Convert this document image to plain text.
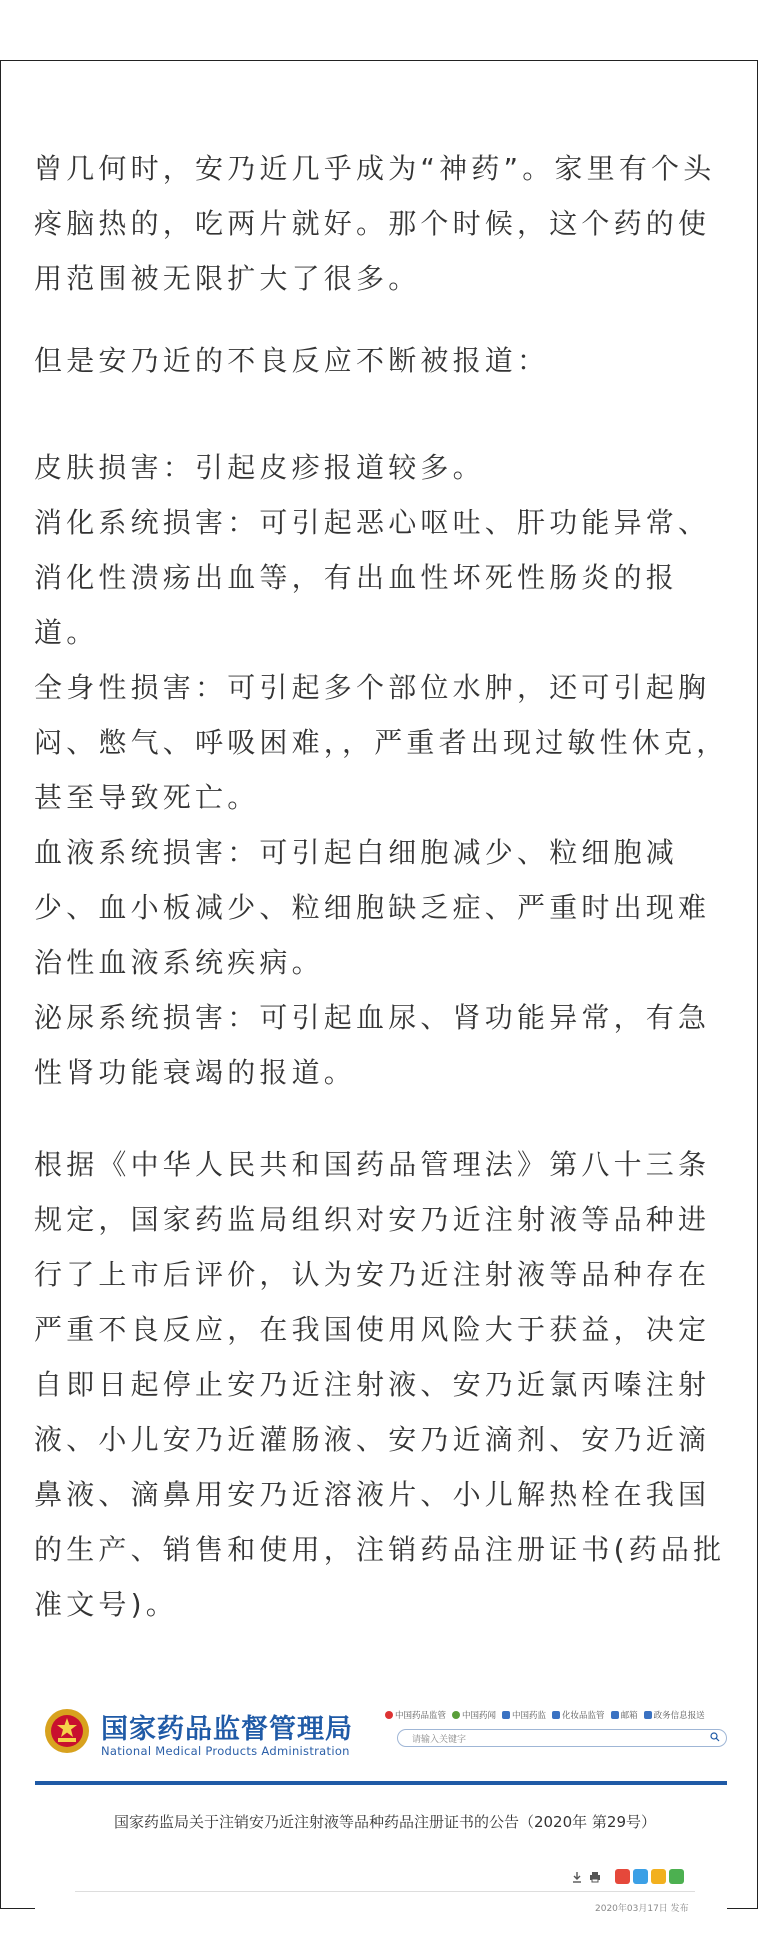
曾几何时，安乃近几乎成为“神药”。家里有个头疼脑热的，吃两片就好。那个时候，这个药的使用范围被无限扩大了很多。

但是安乃近的不良反应不断被报道：

皮肤损害：引起皮疹报道较多。

消化系统损害：可引起恶心呕吐、肝功能异常、消化性溃疡出血等，有出血性坏死性肠炎的报道。

全身性损害：可引起多个部位水肿，还可引起胸闷、憋气、呼吸困难，，严重者出现过敏性休克，甚至导致死亡。

血液系统损害：可引起白细胞减少、粒细胞减少、血小板减少、粒细胞缺乏症、严重时出现难治性血液系统疾病。

泌尿系统损害：可引起血尿、肾功能异常，有急性肾功能衰竭的报道。

根据《中华人民共和国药品管理法》第八十三条规定，国家药监局组织对安乃近注射液等品种进行了上市后评价，认为安乃近注射液等品种存在严重不良反应，在我国使用风险大于获益，决定自即日起停止安乃近注射液、安乃近氯丙嗪注射液、小儿安乃近灌肠液、安乃近滴剂、安乃近滴鼻液、滴鼻用安乃近溶液片、小儿解热栓在我国的生产、销售和使用，注销药品注册证书(药品批准文号)。

国家药品监督管理局
National Medical Products Administration
中国药品监管 中国药闻 中国药监 化妆品监管 邮箱 政务信息报送
请输入关键字
国家药监局关于注销安乃近注射液等品种药品注册证书的公告（2020年 第29号）
2020年03月17日 发布
